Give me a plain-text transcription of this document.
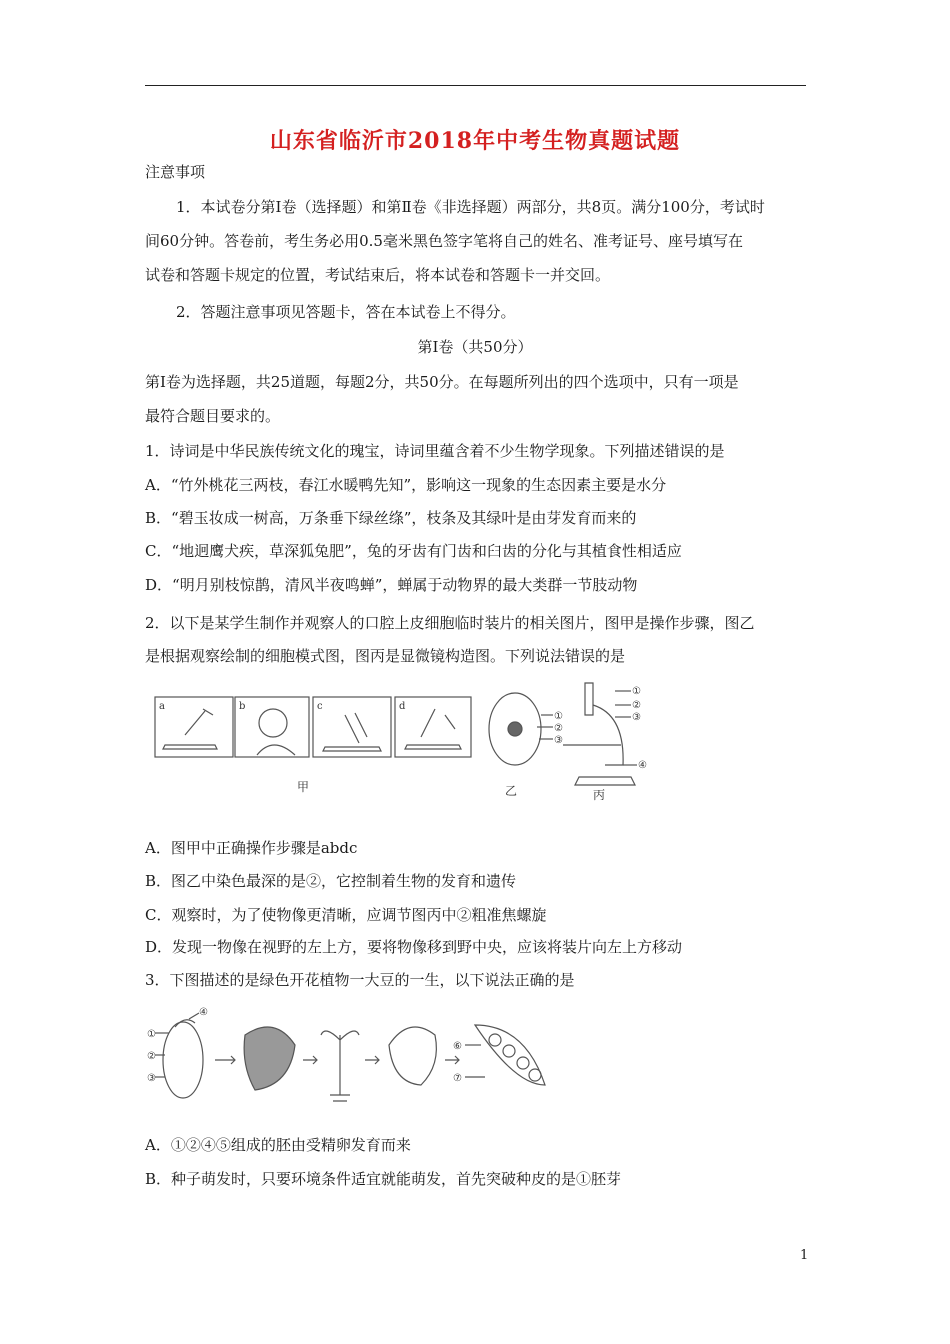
山东省临沂市2018年中考生物真题试题
注意事项
1．本试卷分第Ⅰ卷（选择题）和第Ⅱ卷《非选择题）两部分，共8页。满分100分，考试时
间60分钟。答卷前，考生务必用0.5毫米黑色签字笔将自己的姓名、准考证号、座号填写在
试卷和答题卡规定的位置，考试结束后，将本试卷和答题卡一并交回。
2．答题注意事项见答题卡，答在本试卷上不得分。
第Ⅰ卷（共50分）
第Ⅰ卷为选择题，共25道题，每题2分，共50分。在每题所列出的四个选项中，只有一项是
最符合题目要求的。
1．诗词是中华民族传统文化的瑰宝，诗词里蕴含着不少生物学现象。下列描述错误的是
A．“竹外桃花三两枝，春江水暖鸭先知”，影响这一现象的生态因素主要是水分
B．“碧玉妆成一树高，万条垂下绿丝绦”，枝条及其绿叶是由芽发育而来的
C．“地迥鹰犬疾，草深狐兔肥”，兔的牙齿有门齿和臼齿的分化与其植食性相适应
D．“明月别枝惊鹊，清风半夜鸣蝉”，蝉属于动物界的最大类群一节肢动物
2．以下是某学生制作并观察人的口腔上皮细胞临时装片的相关图片，图甲是操作步骤，图乙
是根据观察绘制的细胞模式图，图丙是显微镜构造图。下列说法错误的是
a	b	c	d
①
②
③
①
②
③
④
甲	乙	丙
A．图甲中正确操作步骤是abdc
B．图乙中染色最深的是②，它控制着生物的发育和遗传
C．观察时，为了使物像更清晰，应调节图丙中②粗准焦螺旋
D．发现一物像在视野的左上方，要将物像移到野中央，应该将装片向左上方移动
3．下图描述的是绿色开花植物一大豆的一生，以下说法正确的是
①
②
③
④
⑥
⑦
A．①②④⑤组成的胚由受精卵发育而来
B．种子萌发时，只要环境条件适宜就能萌发，首先突破种皮的是①胚芽
1
